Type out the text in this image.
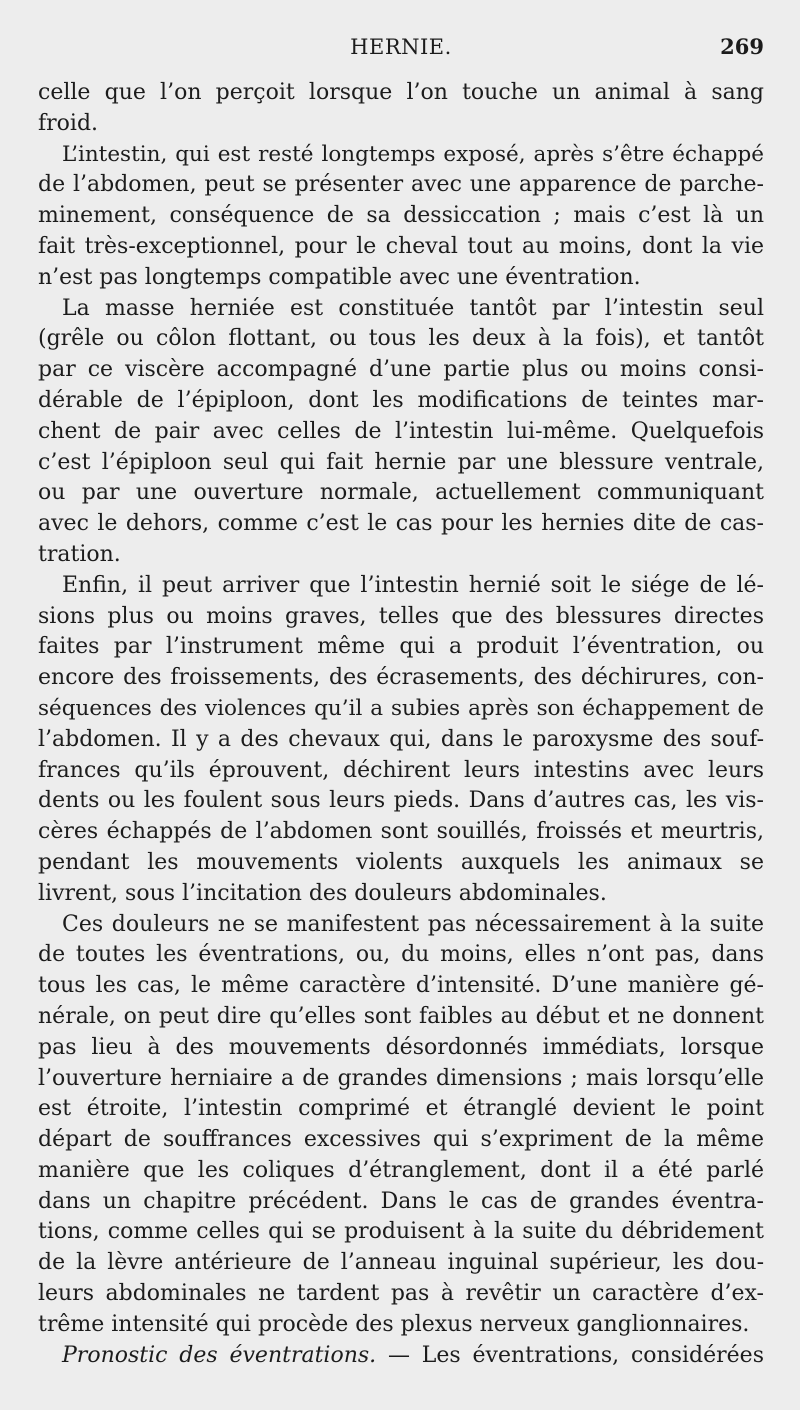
HERNIE.	269
celle que l’on perçoit lorsque l’on touche un animal à sang
froid.
L’intestin, qui est resté longtemps exposé, après s’être échappé
de l’abdomen, peut se présenter avec une apparence de parche-
minement, conséquence de sa dessiccation ; mais c’est là un
fait très-exceptionnel, pour le cheval tout au moins, dont la vie
n’est pas longtemps compatible avec une éventration.
La masse herniée est constituée tantôt par l’intestin seul
(grêle ou côlon flottant, ou tous les deux à la fois), et tantôt
par ce viscère accompagné d’une partie plus ou moins consi-
dérable de l’épiploon, dont les modifications de teintes mar-
chent de pair avec celles de l’intestin lui-même. Quelquefois
c’est l’épiploon seul qui fait hernie par une blessure ventrale,
ou par une ouverture normale, actuellement communiquant
avec le dehors, comme c’est le cas pour les hernies dite de cas-
tration.
Enfin, il peut arriver que l’intestin hernié soit le siége de lé-
sions plus ou moins graves, telles que des blessures directes
faites par l’instrument même qui a produit l’éventration, ou
encore des froissements, des écrasements, des déchirures, con-
séquences des violences qu’il a subies après son échappement de
l’abdomen. Il y a des chevaux qui, dans le paroxysme des souf-
frances qu’ils éprouvent, déchirent leurs intestins avec leurs
dents ou les foulent sous leurs pieds. Dans d’autres cas, les vis-
cères échappés de l’abdomen sont souillés, froissés et meurtris,
pendant les mouvements violents auxquels les animaux se
livrent, sous l’incitation des douleurs abdominales.
Ces douleurs ne se manifestent pas nécessairement à la suite
de toutes les éventrations, ou, du moins, elles n’ont pas, dans
tous les cas, le même caractère d’intensité. D’une manière gé-
nérale, on peut dire qu’elles sont faibles au début et ne donnent
pas lieu à des mouvements désordonnés immédiats, lorsque
l’ouverture herniaire a de grandes dimensions ; mais lorsqu’elle
est étroite, l’intestin comprimé et étranglé devient le point
départ de souffrances excessives qui s’expriment de la même
manière que les coliques d’étranglement, dont il a été parlé
dans un chapitre précédent. Dans le cas de grandes éventra-
tions, comme celles qui se produisent à la suite du débridement
de la lèvre antérieure de l’anneau inguinal supérieur, les dou-
leurs abdominales ne tardent pas à revêtir un caractère d’ex-
trême intensité qui procède des plexus nerveux ganglionnaires.
Pronostic des éventrations. — Les éventrations, considérées
